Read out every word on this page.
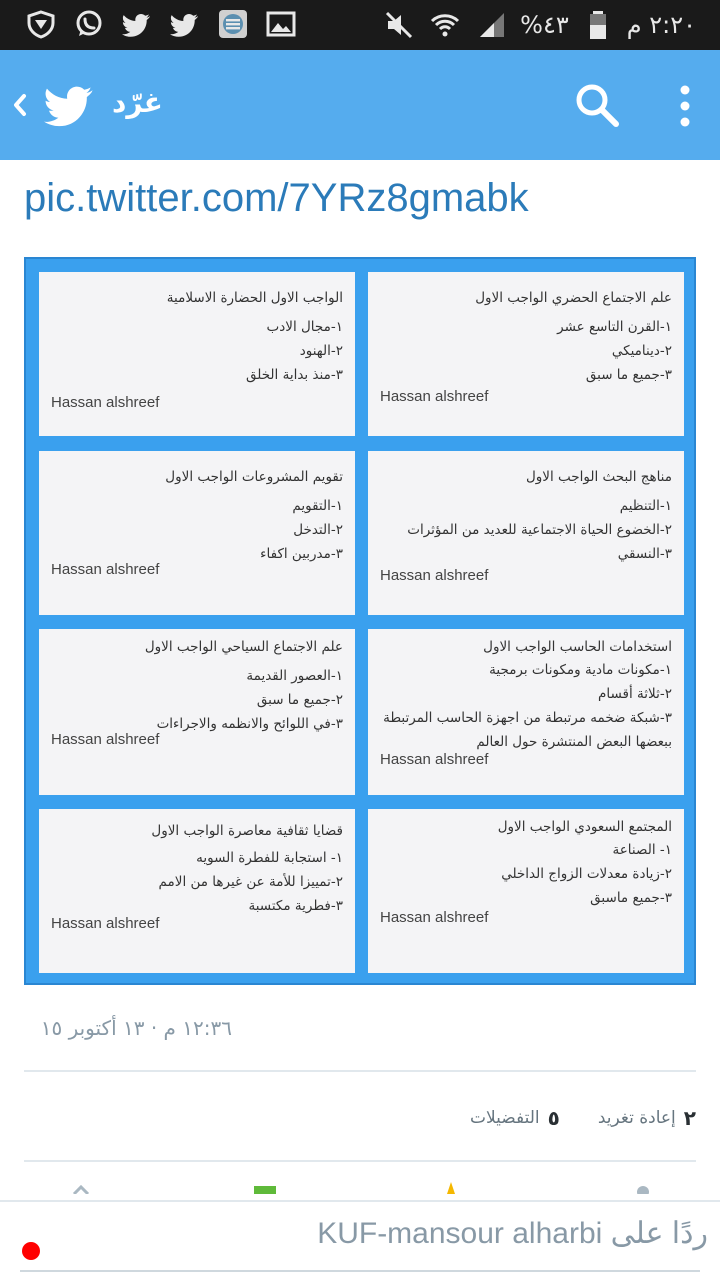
%٤٣ ٢:٢٠ م
غرّد
pic.twitter.com/7YRz8gmabk
علم الاجتماع الحضري الواجب الاول
١-القرن التاسع عشر
٢-ديناميكي
٣-جميع ما سبق
Hassan alshreef
الواجب الاول الحضارة الاسلامية
١-مجال الادب
٢-الهنود
٣-منذ بداية الخلق
Hassan alshreef
مناهج البحث الواجب الاول
١-التنظيم
٢-الخضوع الحياة الاجتماعية للعديد من المؤثرات
٣-النسقي
Hassan alshreef
تقويم المشروعات الواجب الاول
١-التقويم
٢-التدخل
٣-مدربين اكفاء
Hassan alshreef
استخدامات الحاسب الواجب الاول
١-مكونات مادية ومكونات برمجية
٢-ثلاثة أقسام
٣-شبكة ضخمه مرتبطة من اجهزة الحاسب المرتبطة
ببعضها البعض المنتشرة حول العالم
Hassan alshreef
علم الاجتماع السياحي الواجب الاول
١-العصور القديمة
٢-جميع ما سبق
٣-في اللوائح والانظمه والاجراءات
Hassan alshreef
المجتمع السعودي الواجب الاول
١- الصناعة
٢-زيادة معدلات الزواج الداخلي
٣-جميع ماسبق
Hassan alshreef
قضايا ثقافية معاصرة الواجب الاول
١- استجابة للفطرة السويه
٢-تمييزا للأمة عن غيرها من الامم
٣-فطرية مكتسبة
Hassan alshreef
١٢:٣٦ م · ١٣ أكتوبر ١٥
٢
إعادة تغريد
٥
التفضيلات
ردًا على KUF-mansour alharbi
